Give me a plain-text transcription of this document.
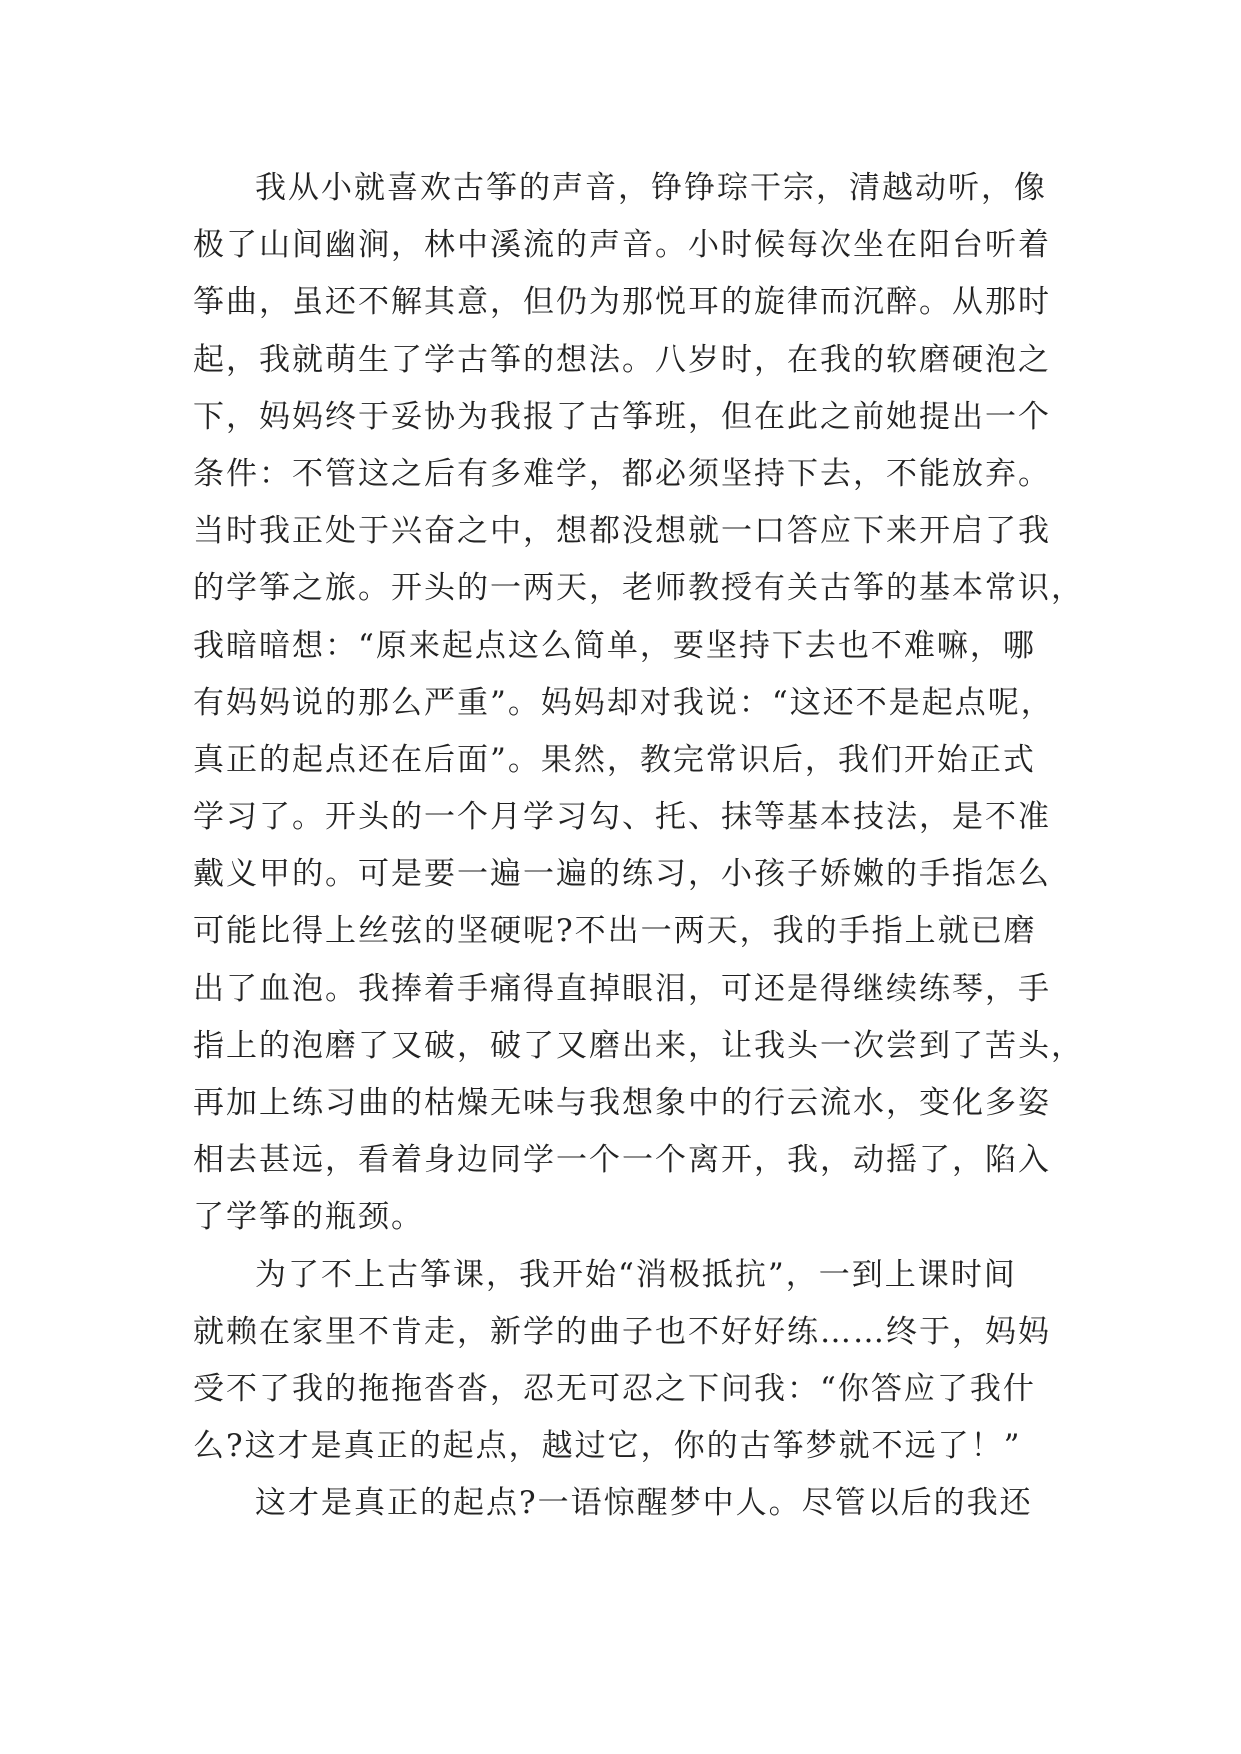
我从小就喜欢古筝的声音，铮铮琮干宗，清越动听，像
极了山间幽涧，林中溪流的声音。小时候每次坐在阳台听着
筝曲，虽还不解其意，但仍为那悦耳的旋律而沉醉。从那时
起，我就萌生了学古筝的想法。八岁时，在我的软磨硬泡之
下，妈妈终于妥协为我报了古筝班，但在此之前她提出一个
条件：不管这之后有多难学，都必须坚持下去，不能放弃。
当时我正处于兴奋之中，想都没想就一口答应下来开启了我
的学筝之旅。开头的一两天，老师教授有关古筝的基本常识，
我暗暗想：“原来起点这么简单，要坚持下去也不难嘛，哪
有妈妈说的那么严重”。妈妈却对我说：“这还不是起点呢，
真正的起点还在后面”。果然，教完常识后，我们开始正式
学习了。开头的一个月学习勾、托、抹等基本技法，是不准
戴义甲的。可是要一遍一遍的练习，小孩子娇嫩的手指怎么
可能比得上丝弦的坚硬呢?不出一两天，我的手指上就已磨
出了血泡。我捧着手痛得直掉眼泪，可还是得继续练琴，手
指上的泡磨了又破，破了又磨出来，让我头一次尝到了苦头，
再加上练习曲的枯燥无味与我想象中的行云流水，变化多姿
相去甚远，看着身边同学一个一个离开，我，动摇了，陷入
了学筝的瓶颈。
为了不上古筝课，我开始“消极抵抗”，一到上课时间
就赖在家里不肯走，新学的曲子也不好好练……终于，妈妈
受不了我的拖拖沓沓，忍无可忍之下问我：“你答应了我什
么?这才是真正的起点，越过它，你的古筝梦就不远了！”
这才是真正的起点?一语惊醒梦中人。尽管以后的我还
